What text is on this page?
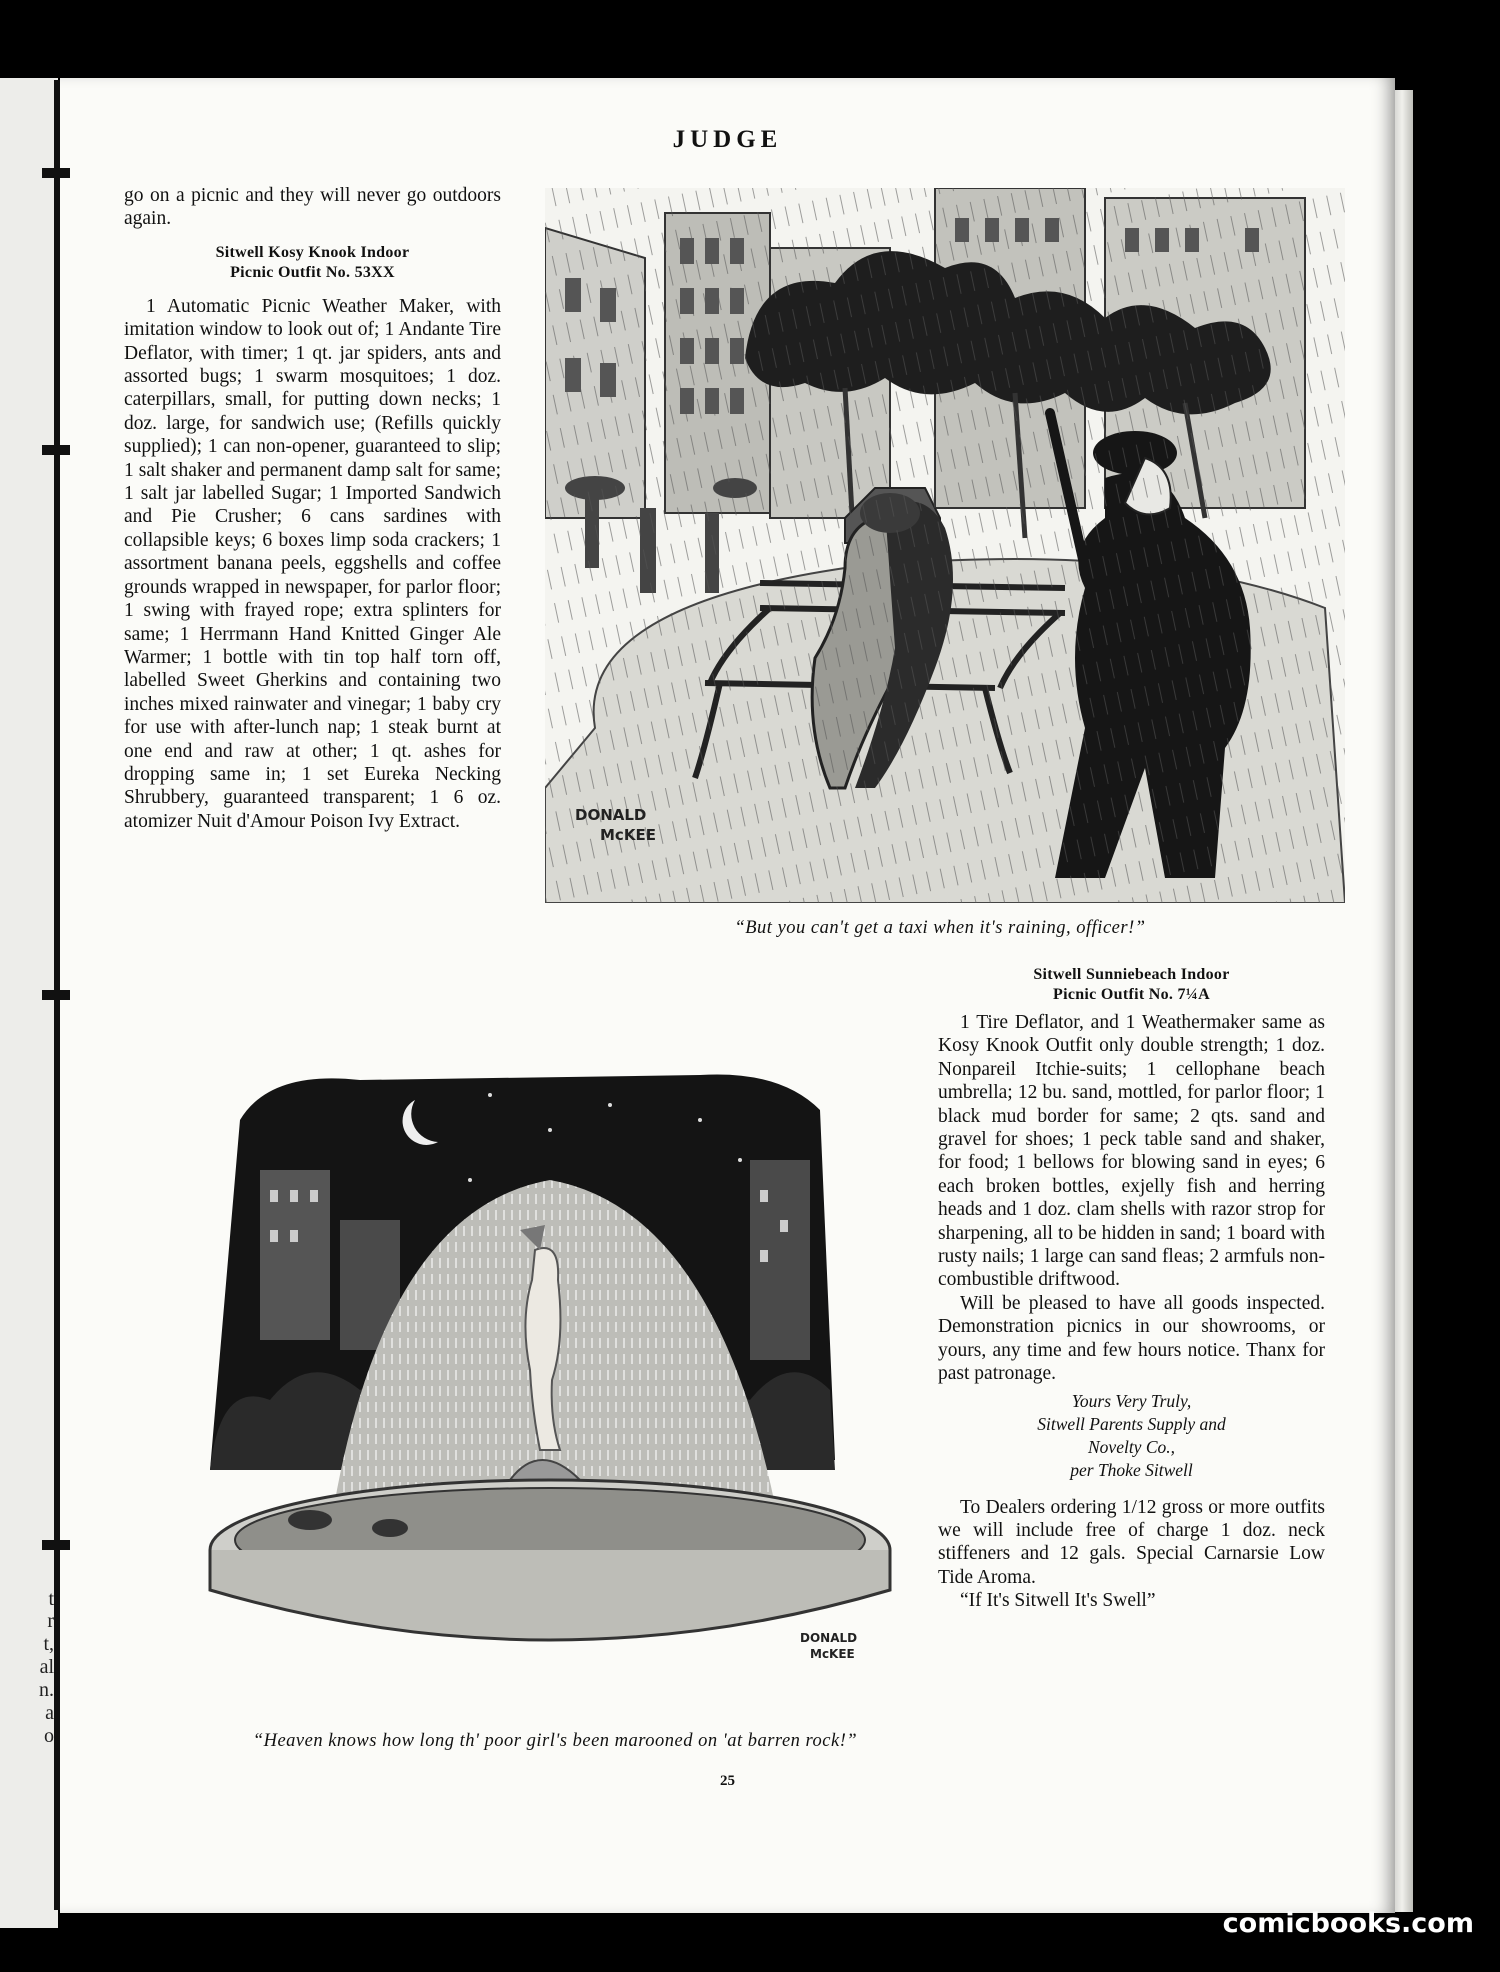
t
r
t,
al
n.
a
o
JUDGE

go on a picnic and they will never go outdoors again.

Sitwell Kosy Knook Indoor
Picnic Outfit No. 53XX

1 Automatic Picnic Weather Maker, with imitation window to look out of; 1 Andante Tire Deflator, with timer; 1 qt. jar spiders, ants and assorted bugs; 1 swarm mosquitoes; 1 doz. caterpillars, small, for putting down necks; 1 doz. large, for sandwich use; (Refills quickly supplied); 1 can non-opener, guaranteed to slip; 1 salt shaker and permanent damp salt for same; 1 salt jar labelled Sugar; 1 Imported Sandwich and Pie Crusher; 6 cans sardines with collapsible keys; 6 boxes limp soda crackers; 1 assortment banana peels, eggshells and coffee grounds wrapped in newspaper, for parlor floor; 1 swing with frayed rope; extra splinters for same; 1 Herrmann Hand Knitted Ginger Ale Warmer; 1 bottle with tin top half torn off, labelled Sweet Gherkins and containing two inches mixed rainwater and vinegar; 1 baby cry for use with after-lunch nap; 1 steak burnt at one end and raw at other; 1 qt. ashes for dropping same in; 1 set Eureka Necking Shrubbery, guaranteed transparent; 1 6 oz. atomizer Nuit d'Amour Poison Ivy Extract.	DONALD
McKEE
“But you can't get a taxi when it's raining, officer!”
Sitwell Sunniebeach Indoor
Picnic Outfit No. 7¼A

1 Tire Deflator, and 1 Weathermaker same as Kosy Knook Outfit only double strength; 1 doz. Nonpareil Itchie-suits; 1 cellophane beach umbrella; 12 bu. sand, mottled, for parlor floor; 1 black mud border for same; 2 qts. sand and gravel for shoes; 1 peck table sand and shaker, for food; 1 bellows for blowing sand in eyes; 6 each broken bottles, exjelly fish and herring heads and 1 doz. clam shells with razor strop for sharpening, all to be hidden in sand; 1 board with rusty nails; 1 large can sand fleas; 2 armfuls non-combustible driftwood.

Will be pleased to have all goods inspected. Demonstration picnics in our showrooms, or yours, any time and few hours notice. Thanx for past patronage.

Yours Very Truly,
Sitwell Parents Supply and
Novelty Co.,
per Thoke Sitwell

To Dealers ordering 1/12 gross or more outfits we will include free of charge 1 doz. neck stiffeners and 12 gals. Special Carnarsie Low Tide Aroma.

“If It's Sitwell It's Swell”

DONALD
McKEE
“Heaven knows how long th' poor girl's been marooned on 'at barren rock!”
25
comicbooks.com
